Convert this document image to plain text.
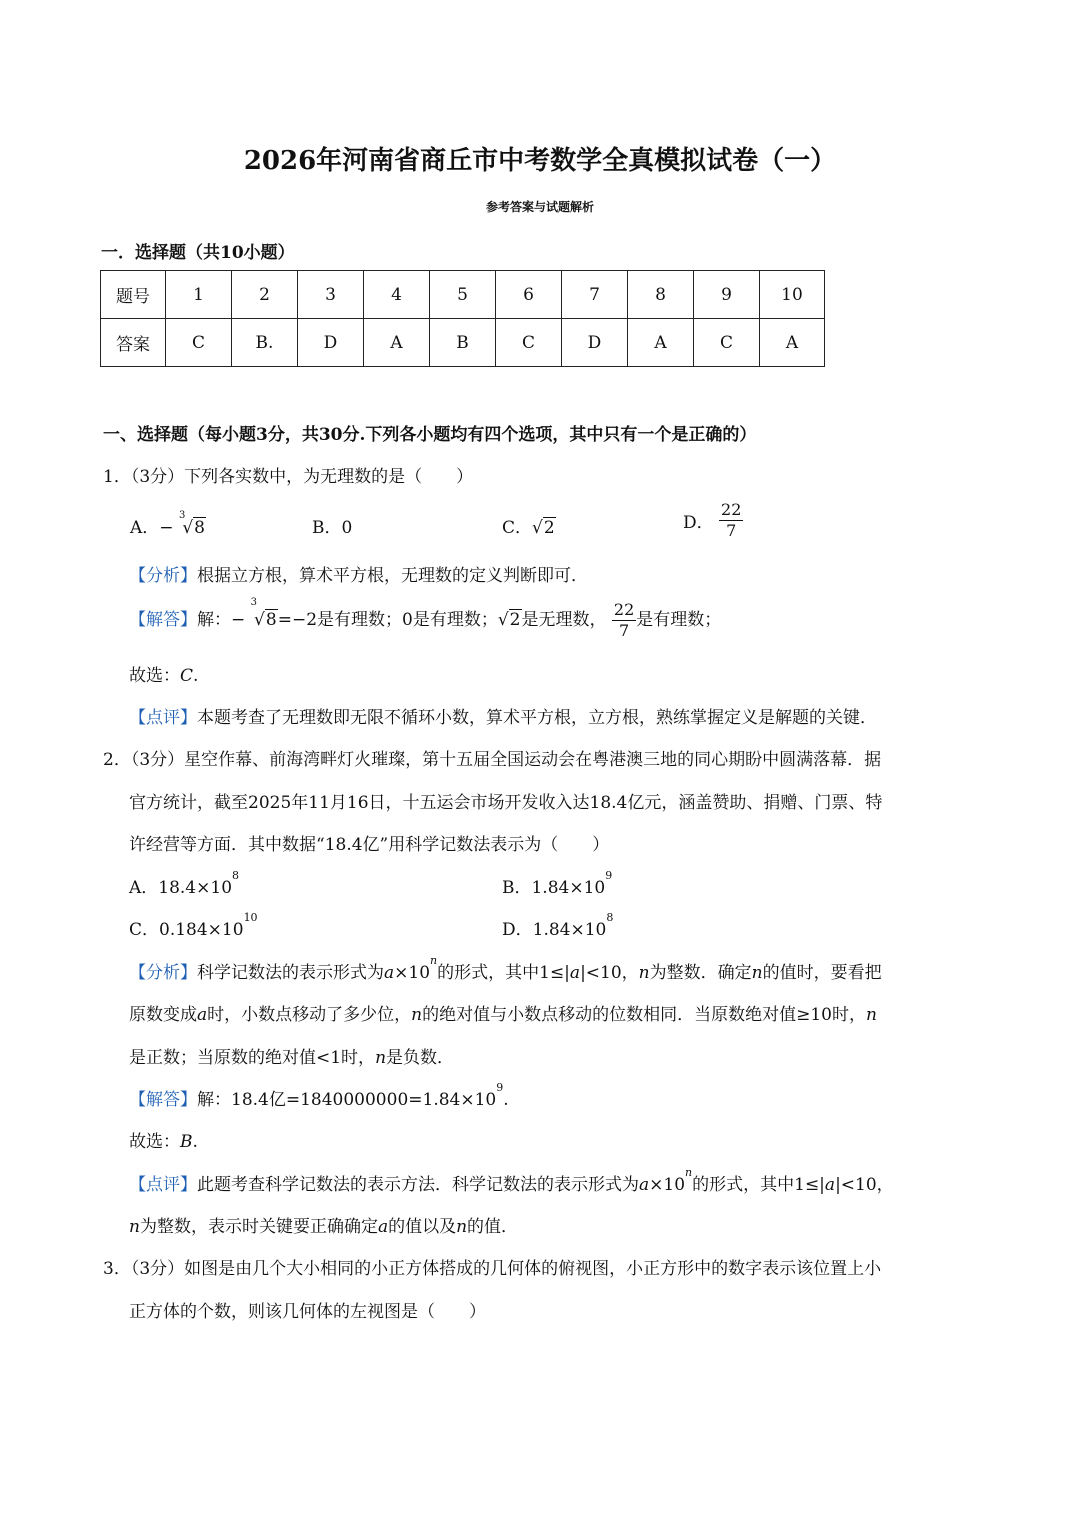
2026年河南省商丘市中考数学全真模拟试卷（一）
参考答案与试题解析
一．选择题（共10小题）
题号	1	2	3	4	5	6	7	8	9	10
答案	C	B.	D	A	B	C	D	A	C	A
一、选择题（每小题3分，共30分.下列各小题均有四个选项，其中只有一个是正确的）
1．（3分）下列各实数中，为无理数的是（　　）
A．− $^3$√8	B．0	C．√2	D． $\frac{22}{7}$
【分析】根据立方根，算术平方根，无理数的定义判断即可．
【解答】解：− $^3$√8=−2是有理数；0是有理数；√2是无理数， $\frac{22}{7}$ 是有理数；
故选：C.
【点评】本题考查了无理数即无限不循环小数，算术平方根，立方根，熟练掌握定义是解题的关键．
2．（3分）星空作幕、前海湾畔灯火璀璨，第十五届全国运动会在粤港澳三地的同心期盼中圆满落幕．据
官方统计，截至2025年11月16日，十五运会市场开发收入达18.4亿元，涵盖赞助、捐赠、门票、特
许经营等方面．其中数据“18.4亿”用科学记数法表示为（　　）
A．$18.4\times 10^8$
B．$1.84\times 10^9$
C．$0.184\times 10^{10}$
D．$1.84\times 10^8$
【分析】科学记数法的表示形式为$a\times 10^n$的形式，其中1≤|a|<10，n为整数．确定n的值时，要看把
原数变成a时，小数点移动了多少位，n的绝对值与小数点移动的位数相同．当原数绝对值≥10时，n
是正数；当原数的绝对值<1时，n是负数．
【解答】解：18.4亿$=1840000000=1.84\times 10^9$.
故选：B.
【点评】此题考查科学记数法的表示方法．科学记数法的表示形式为$a\times 10^n$的形式，其中1≤|a|<10，
n为整数，表示时关键要正确确定a的值以及n的值．
3．（3分）如图是由几个大小相同的小正方体搭成的几何体的俯视图，小正方形中的数字表示该位置上小
正方体的个数，则该几何体的左视图是（　　）
